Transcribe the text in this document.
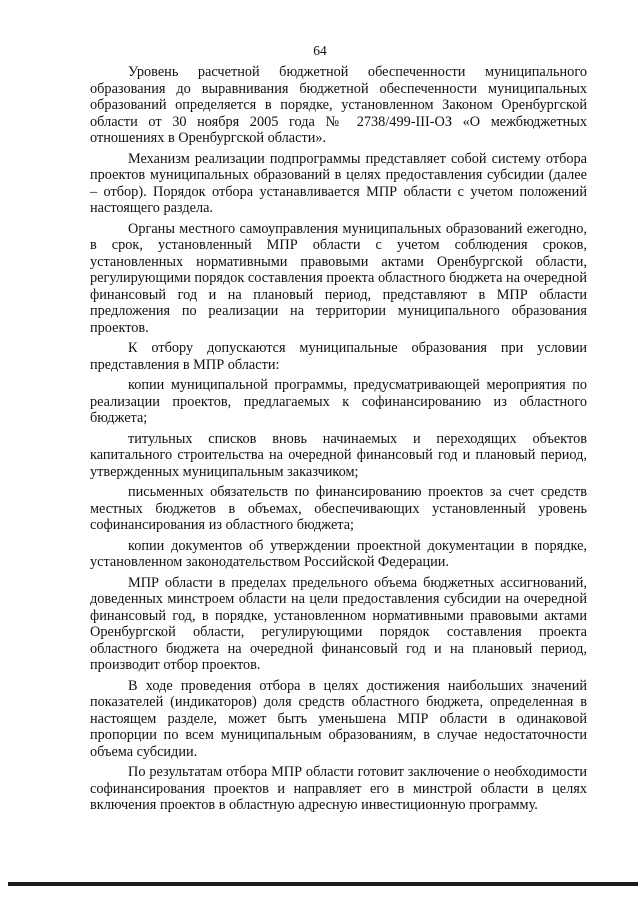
64

Уровень расчетной бюджетной обеспеченности муниципального образования до выравнивания бюджетной обеспеченности муниципальных образований определяется в порядке, установленном Законом Оренбургской области от 30 ноября 2005 года № 2738/499-III-ОЗ «О межбюджетных отношениях в Оренбургской области».

Механизм реализации подпрограммы представляет собой систему отбора проектов муниципальных образований в целях предоставления субсидии (далее – отбор). Порядок отбора устанавливается МПР области с учетом положений настоящего раздела.

Органы местного самоуправления муниципальных образований ежегодно, в срок, установленный МПР области с учетом соблюдения сроков, установленных нормативными правовыми актами Оренбургской области, регулирующими порядок составления проекта областного бюджета на очередной финансовый год и на плановый период, представляют в МПР области предложения по реализации на территории муниципального образования проектов.

К отбору допускаются муниципальные образования при условии представления в МПР области:

копии муниципальной программы, предусматривающей мероприятия по реализации проектов, предлагаемых к софинансированию из областного бюджета;

титульных списков вновь начинаемых и переходящих объектов капитального строительства на очередной финансовый год и плановый период, утвержденных муниципальным заказчиком;

письменных обязательств по финансированию проектов за счет средств местных бюджетов в объемах, обеспечивающих установленный уровень софинансирования из областного бюджета;

копии документов об утверждении проектной документации в порядке, установленном законодательством Российской Федерации.

МПР области в пределах предельного объема бюджетных ассигнований, доведенных минстроем области на цели предоставления субсидии на очередной финансовый год, в порядке, установленном нормативными правовыми актами Оренбургской области, регулирующими порядок составления проекта областного бюджета на очередной финансовый год и на плановый период, производит отбор проектов.

В ходе проведения отбора в целях достижения наибольших значений показателей (индикаторов) доля средств областного бюджета, определенная в настоящем разделе, может быть уменьшена МПР области в одинаковой пропорции по всем муниципальным образованиям, в случае недостаточности объема субсидии.

По результатам отбора МПР области готовит заключение о необходимости софинансирования проектов и направляет его в минстрой области в целях включения проектов в областную адресную инвестиционную программу.
